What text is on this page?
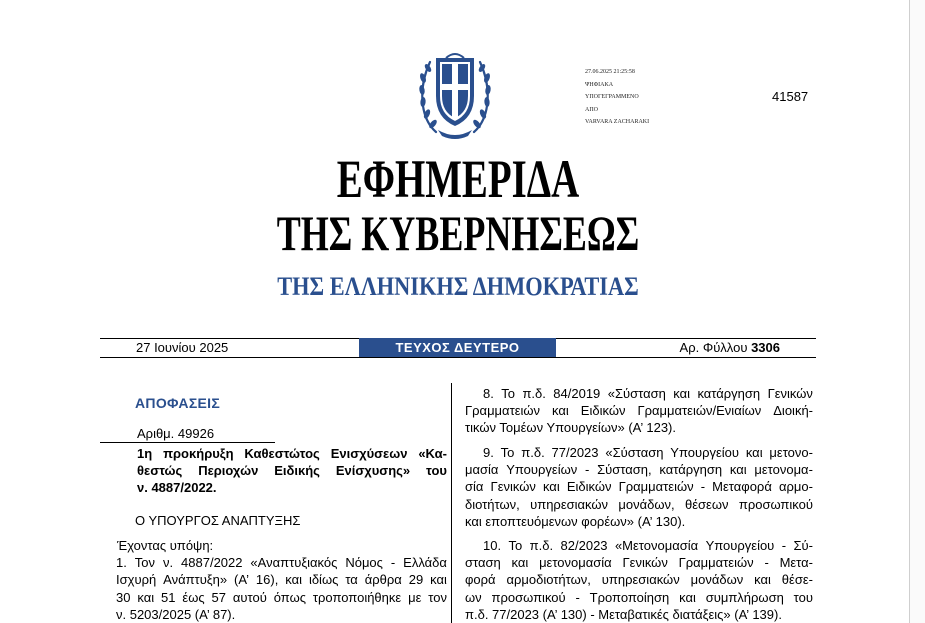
27.06.2025 21:25:58
ΨΗΦΙΑΚΑ
ΥΠΟΓΕΓΡΑΜΜΕΝΟ
ΑΠΟ
VARVARA ZACHARAKI
41587
ΕΦΗΜΕΡΙΔΑ
ΤΗΣ ΚΥΒΕΡΝΗΣΕΩΣ
ΤΗΣ ΕΛΛΗΝΙΚΗΣ ΔΗΜΟΚΡΑΤΙΑΣ
27 Ιουνίου 2025	ΤΕΥΧΟΣ ΔΕΥΤΕΡΟ	Αρ. Φύλλου 3306
ΑΠΟΦΑΣΕΙΣ
Αριθμ. 49926
1η προκήρυξη Καθεστώτος Ενισχύσεων «Κα-
θεστώς Περιοχών Ειδικής Ενίσχυσης» του
ν. 4887/2022.
Ο ΥΠΟΥΡΓΟΣ ΑΝΑΠΤΥΞΗΣ
Έχοντας υπόψη:
1. Τον ν. 4887/2022 «Αναπτυξιακός Νόμος - Ελλάδα
Ισχυρή Ανάπτυξη» (Α’ 16), και ιδίως τα άρθρα 29 και
30 και 51 έως 57 αυτού όπως τροποποιήθηκε με τον
ν. 5203/2025 (Α’ 87).
8. Το π.δ. 84/2019 «Σύσταση και κατάργηση Γενικών
Γραμματειών και Ειδικών Γραμματειών/Ενιαίων Διοική-
τικών Τομέων Υπουργείων» (Α’ 123).
9. Το π.δ. 77/2023 «Σύσταση Υπουργείου και μετονο-
μασία Υπουργείων - Σύσταση, κατάργηση και μετονομα-
σία Γενικών και Ειδικών Γραμματειών - Μεταφορά αρμο-
διοτήτων, υπηρεσιακών μονάδων, θέσεων προσωπικού
και εποπτευόμενων φορέων» (Α’ 130).
10. Το π.δ. 82/2023 «Μετονομασία Υπουργείου - Σύ-
σταση και μετονομασία Γενικών Γραμματειών - Μετα-
φορά αρμοδιοτήτων, υπηρεσιακών μονάδων και θέσε-
ων προσωπικού - Τροποποίηση και συμπλήρωση του
π.δ. 77/2023 (Α’ 130) - Μεταβατικές διατάξεις» (Α’ 139).
